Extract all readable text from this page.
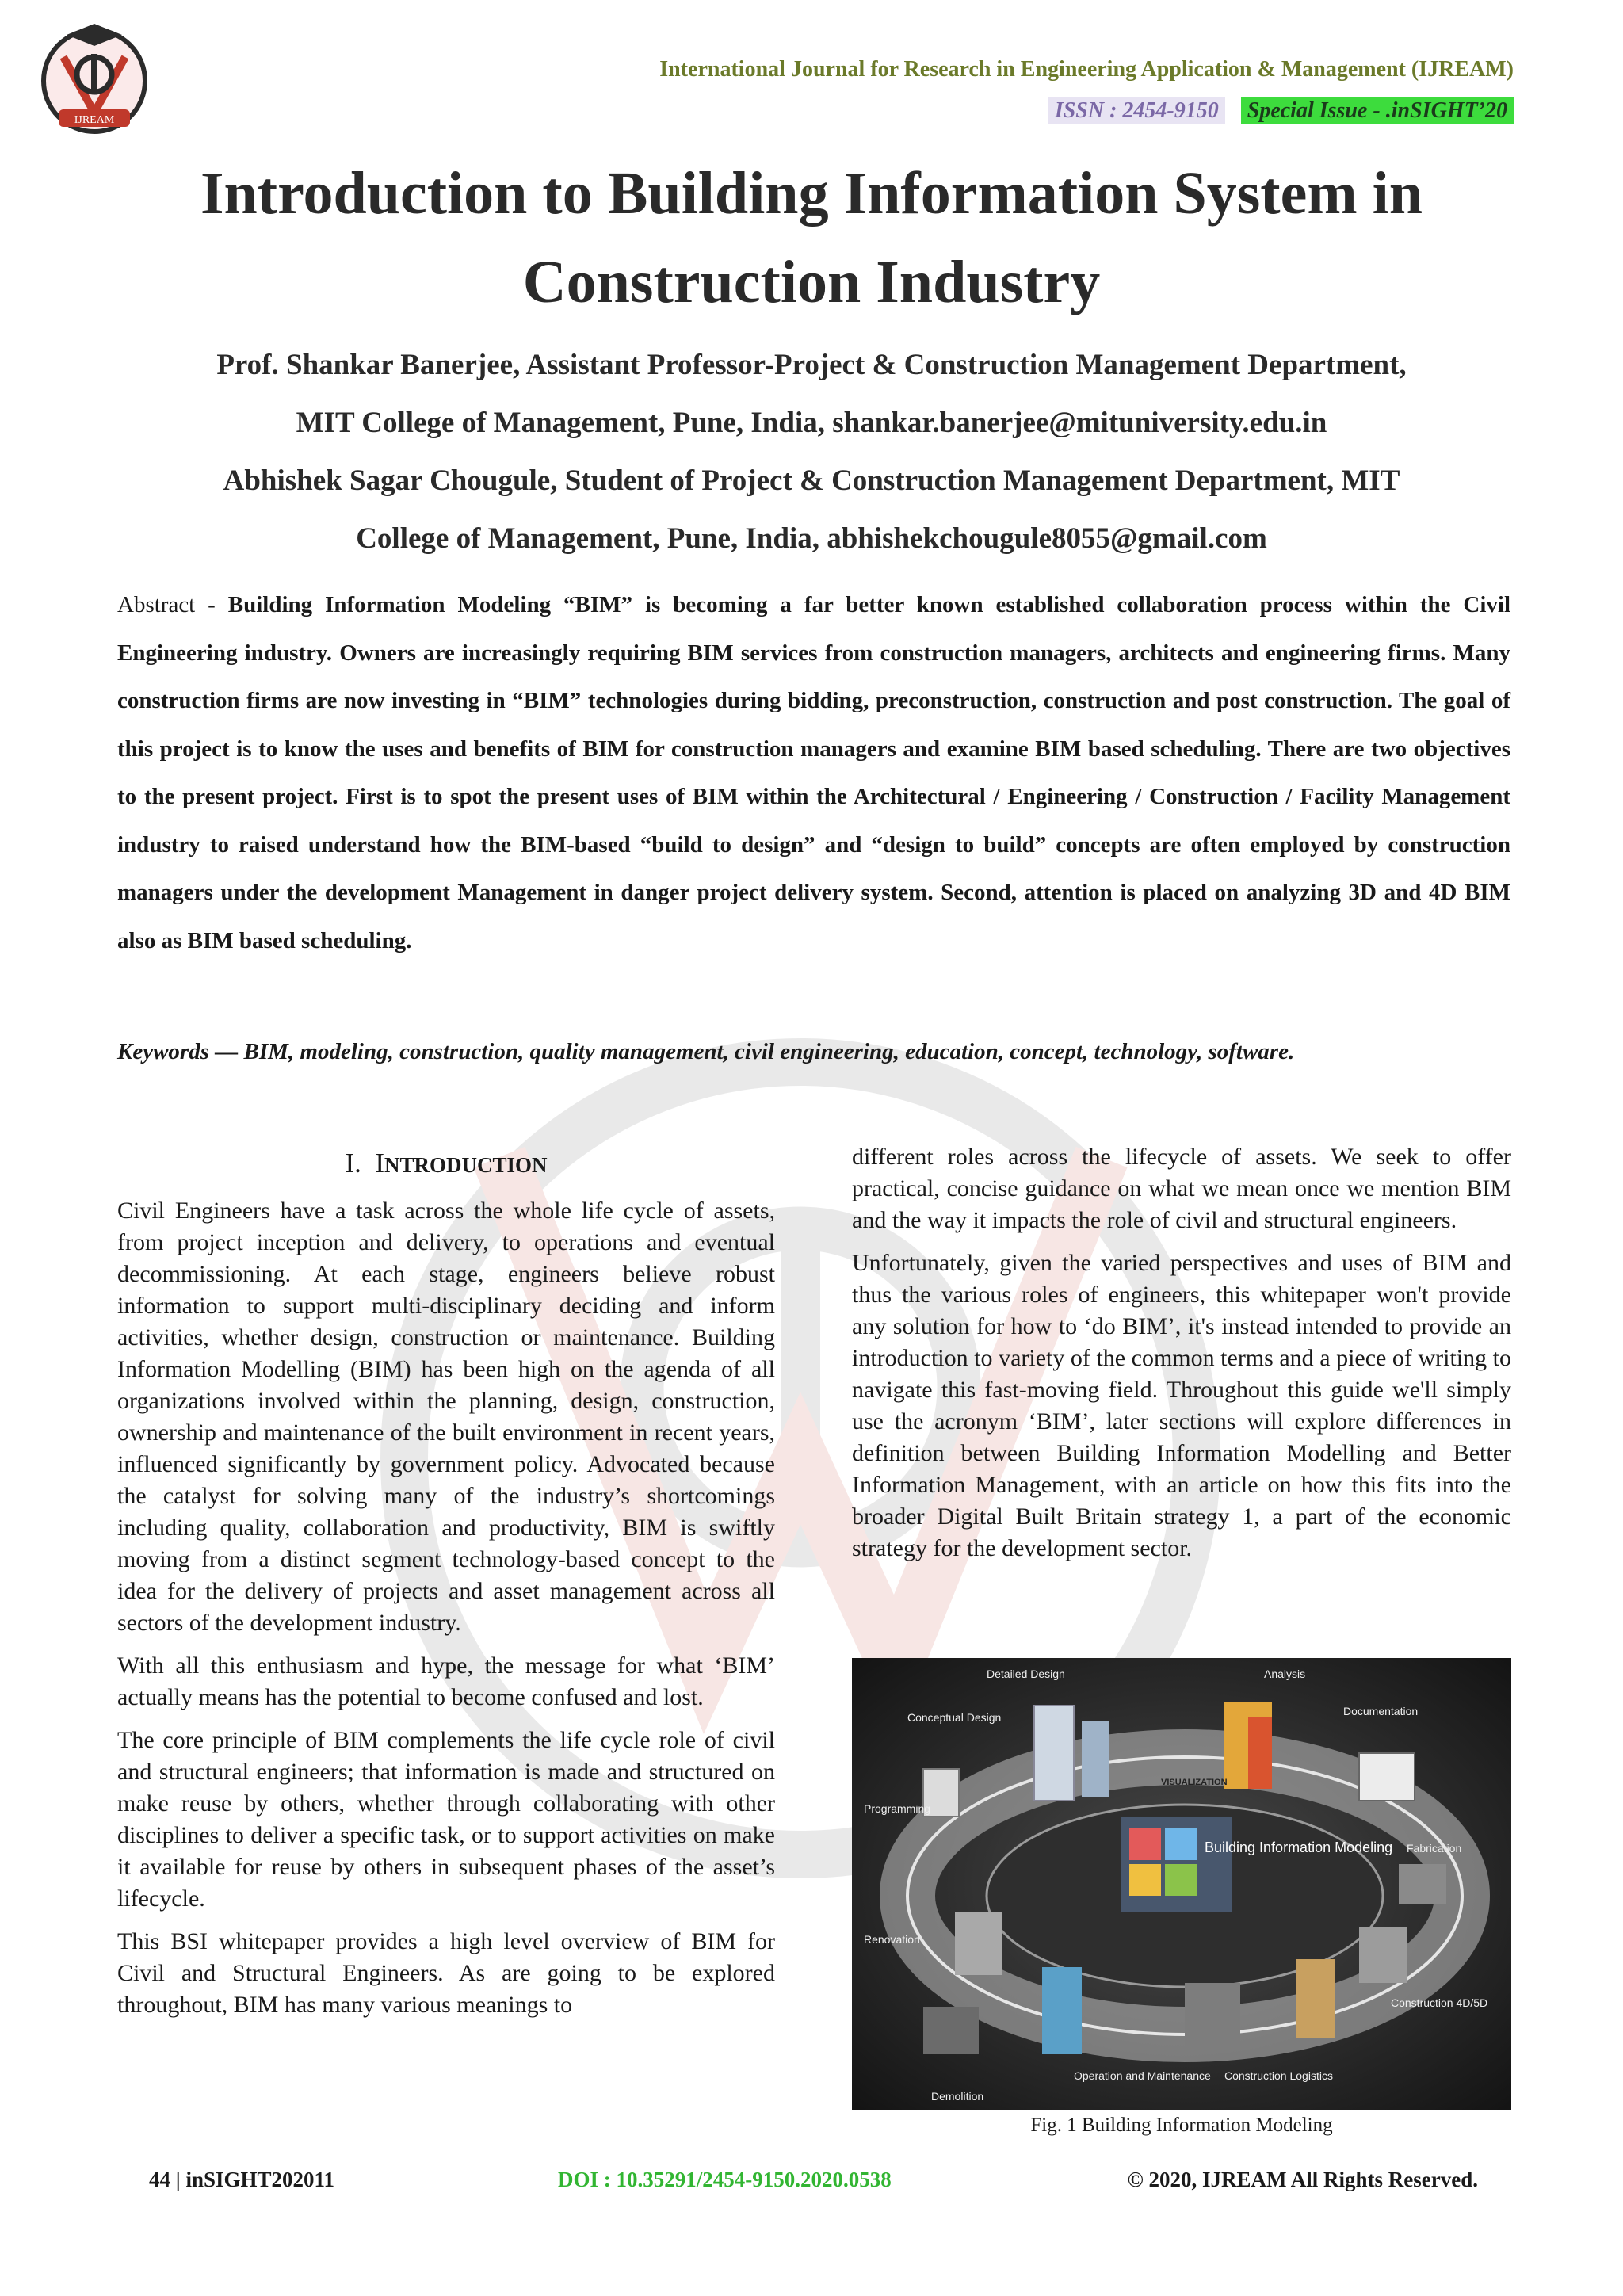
IJREAM
International Journal for Research in Engineering Application & Management (IJREAM)
ISSN : 2454-9150 Special Issue - .inSIGHT’20
Introduction to Building Information System in Construction Industry
Prof. Shankar Banerjee, Assistant Professor-Project & Construction Management Department,
MIT College of Management, Pune, India, shankar.banerjee@mituniversity.edu.in
Abhishek Sagar Chougule, Student of Project & Construction Management Department, MIT
College of Management, Pune, India, abhishekchougule8055@gmail.com
Abstract - Building Information Modeling “BIM” is becoming a far better known established collaboration process within the Civil Engineering industry. Owners are increasingly requiring BIM services from construction managers, architects and engineering firms. Many construction firms are now investing in “BIM” technologies during bidding, preconstruction, construction and post construction. The goal of this project is to know the uses and benefits of BIM for construction managers and examine BIM based scheduling. There are two objectives to the present project. First is to spot the present uses of BIM within the Architectural / Engineering / Construction / Facility Management industry to raised understand how the BIM-based “build to design” and “design to build” concepts are often employed by construction managers under the development Management in danger project delivery system. Second, attention is placed on analyzing 3D and 4D BIM also as BIM based scheduling.
Keywords — BIM, modeling, construction, quality management, civil engineering, education, concept, technology, software.
I. INTRODUCTION

Civil Engineers have a task across the whole life cycle of assets, from project inception and delivery, to operations and eventual decommissioning. At each stage, engineers believe robust information to support multi-disciplinary deciding and inform activities, whether design, construction or maintenance. Building Information Modelling (BIM) has been high on the agenda of all organizations involved within the planning, design, construction, ownership and maintenance of the built environment in recent years, influenced significantly by government policy. Advocated because the catalyst for solving many of the industry’s shortcomings including quality, collaboration and productivity, BIM is swiftly moving from a distinct segment technology-based concept to the idea for the delivery of projects and asset management across all sectors of the development industry.

With all this enthusiasm and hype, the message for what ‘BIM’ actually means has the potential to become confused and lost.

The core principle of BIM complements the life cycle role of civil and structural engineers; that information is made and structured on make reuse by others, whether through collaborating with other disciplines to deliver a specific task, or to support activities on make it available for reuse by others in subsequent phases of the asset’s lifecycle.

This BSI whitepaper provides a high level overview of BIM for Civil and Structural Engineers. As are going to be explored throughout, BIM has many various meanings to

different roles across the lifecycle of assets. We seek to offer practical, concise guidance on what we mean once we mention BIM and the way it impacts the role of civil and structural engineers.

Unfortunately, given the varied perspectives and uses of BIM and thus the various roles of engineers, this whitepaper won't provide any solution for how to ‘do BIM’, it's instead intended to provide an introduction to variety of the common terms and a piece of writing to navigate this fast-moving field. Throughout this guide we'll simply use the acronym ‘BIM’, later sections will explore differences in definition between Building Information Modelling and Better Information Management, with an article on how this fits into the broader Digital Built Britain strategy 1, a part of the economic strategy for the development sector.

Detailed Design	Analysis
Documentation
Conceptual Design
VISUALIZATION
Programming
Building Information Modeling Fabrication
Renovation
Construction 4D/5D
Operation and Maintenance Construction Logistics
Demolition
Fig. 1 Building Information Modeling
44 | inSIGHT202011	DOI : 10.35291/2454-9150.2020.0538	© 2020, IJREAM All Rights Reserved.
